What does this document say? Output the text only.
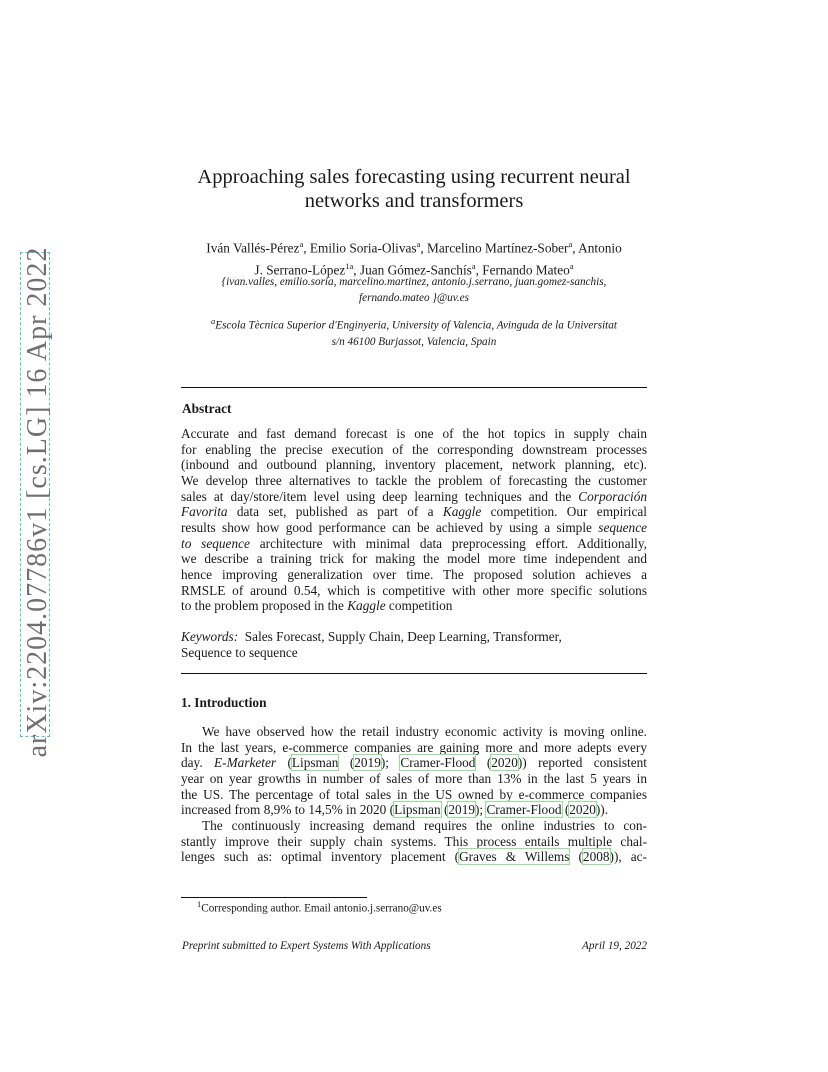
arXiv:2204.07786v1 [cs.LG] 16 Apr 2022
Approaching sales forecasting using recurrent neural
networks and transformers
Iván Vallés-Pérez$^a$, Emilio Soria-Olivas$^a$, Marcelino Martínez-Sober$^a$, Antonio
J. Serrano-López$^{1a}$, Juan Gómez-Sanchís$^a$, Fernando Mateo$^a$
{ivan.valles, emilio.soria, marcelino.martinez, antonio.j.serrano, juan.gomez-sanchis,
fernando.mateo }@uv.es
$^a$Escola Tècnica Superior d'Enginyeria, University of Valencia, Avinguda de la Universitat
s/n 46100 Burjassot, Valencia, Spain
Abstract
Accurate and fast demand forecast is one of the hot topics in supply chain
for enabling the precise execution of the corresponding downstream processes
(inbound and outbound planning, inventory placement, network planning, etc).
We develop three alternatives to tackle the problem of forecasting the customer
sales at day/store/item level using deep learning techniques and the Corporación
Favorita data set, published as part of a Kaggle competition. Our empirical
results show how good performance can be achieved by using a simple sequence
to sequence architecture with minimal data preprocessing effort. Additionally,
we describe a training trick for making the model more time independent and
hence improving generalization over time. The proposed solution achieves a
RMSLE of around 0.54, which is competitive with other more specific solutions
to the problem proposed in the Kaggle competition
Keywords: Sales Forecast, Supply Chain, Deep Learning, Transformer,
Sequence to sequence
1. Introduction
We have observed how the retail industry economic activity is moving online.
In the last years, e-commerce companies are gaining more and more adepts every
day. E-Marketer (Lipsman (2019); Cramer-Flood (2020)) reported consistent
year on year growths in number of sales of more than 13% in the last 5 years in
the US. The percentage of total sales in the US owned by e-commerce companies
increased from 8,9% to 14,5% in 2020 (Lipsman (2019); Cramer-Flood (2020)).
The continuously increasing demand requires the online industries to con-
stantly improve their supply chain systems. This process entails multiple chal-
lenges such as: optimal inventory placement (Graves & Willems (2008)), ac-
$^1$Corresponding author. Email antonio.j.serrano@uv.es
Preprint submitted to Expert Systems With Applications	April 19, 2022
